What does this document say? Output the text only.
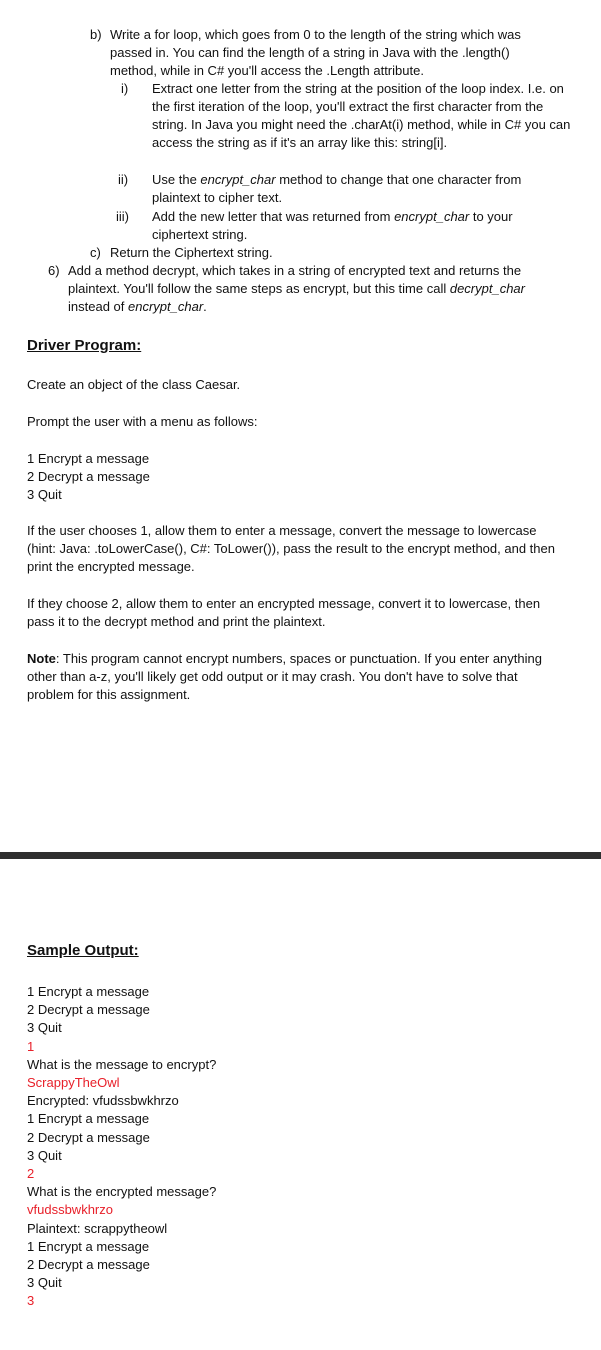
b) Write a for loop, which goes from 0 to the length of the string which was passed in. You can find the length of a string in Java with the .length() method, while in C# you'll access the .Length attribute.
i) Extract one letter from the string at the position of the loop index. I.e. on the first iteration of the loop, you'll extract the first character from the string. In Java you might need the .charAt(i) method, while in C# you can access the string as if it's an array like this: string[i].
ii) Use the encrypt_char method to change that one character from plaintext to cipher text.
iii) Add the new letter that was returned from encrypt_char to your ciphertext string.
c) Return the Ciphertext string.
6) Add a method decrypt, which takes in a string of encrypted text and returns the plaintext. You'll follow the same steps as encrypt, but this time call decrypt_char instead of encrypt_char.
Driver Program:
Create an object of the class Caesar.
Prompt the user with a menu as follows:
1 Encrypt a message
2 Decrypt a message
3 Quit
If the user chooses 1, allow them to enter a message, convert the message to lowercase (hint: Java: .toLowerCase(), C#: ToLower()), pass the result to the encrypt method, and then print the encrypted message.
If they choose 2, allow them to enter an encrypted message, convert it to lowercase, then pass it to the decrypt method and print the plaintext.
Note: This program cannot encrypt numbers, spaces or punctuation. If you enter anything other than a-z, you'll likely get odd output or it may crash. You don't have to solve that problem for this assignment.
Sample Output:
1 Encrypt a message
2 Decrypt a message
3 Quit
1
What is the message to encrypt?
ScrappyTheOwl
Encrypted: vfudssbwkhrzo
1 Encrypt a message
2 Decrypt a message
3 Quit
2
What is the encrypted message?
vfudssbwkhrzo
Plaintext: scrappytheowl
1 Encrypt a message
2 Decrypt a message
3 Quit
3
